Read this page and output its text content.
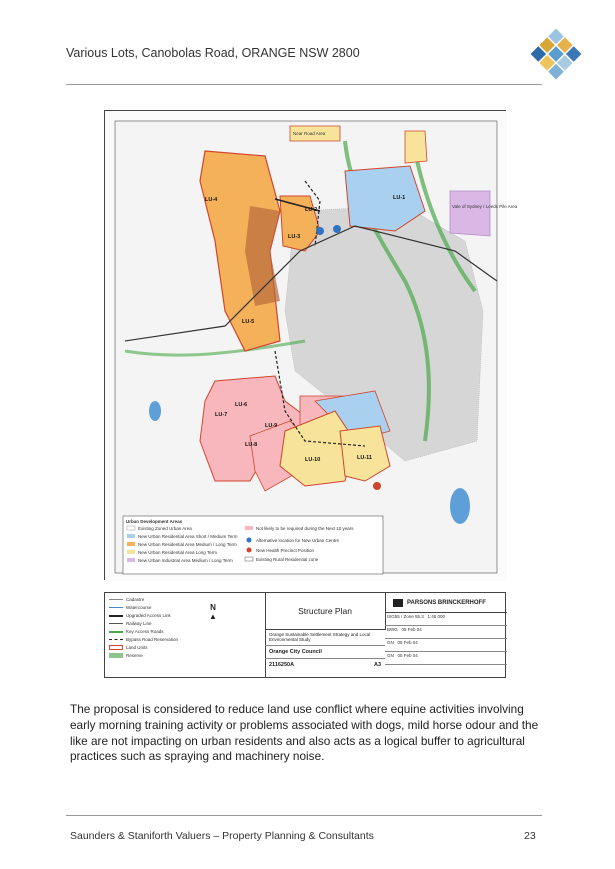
Various Lots, Canobolas Road, ORANGE NSW 2800
LU-1
LU-2
LU-3
LU-4
LU-5
LU-6
LU-7
LU-8
LU-9
LU-10	LU-11
Near Road Area
Vale of Sydney / Leeds Pile Area
Urban Development Areas
Existing Zoned Urban Area
New Urban Residential Area Short / Medium Term
New Urban Residential Area Medium / Long Term
New Urban Residential Area Long Term
New Urban Industrial Area Medium / Long Term
Not likely to be required during the Next 10 years
Alternative location for New Urban Centre
New Health Precinct Position
Existing Rural Residential zone
Cadastre
Watercourse
Upgraded Access Link
Railway Line
Key Access Roads
Bypass Road Reservation
Land Units
Reserve
N
▲
Structure Plan
PARSONS BRINCKERHOFF
Orange Sustainable Settlement Strategy and Local Environmental Study
Orange City Council
2116250A	A3
ISG55 / Zone 55.3 1:45 000
BWG 05 Feb 04
GN 05 Feb 04
GN 05 Feb 04
The proposal is considered to reduce land use conflict where equine activities involving early morning training activity or problems associated with dogs, mild horse odour and the like are not impacting on urban residents and also acts as a logical buffer to agricultural practices such as spraying and machinery noise.
Saunders & Staniforth Valuers – Property Planning & Consultants	23
